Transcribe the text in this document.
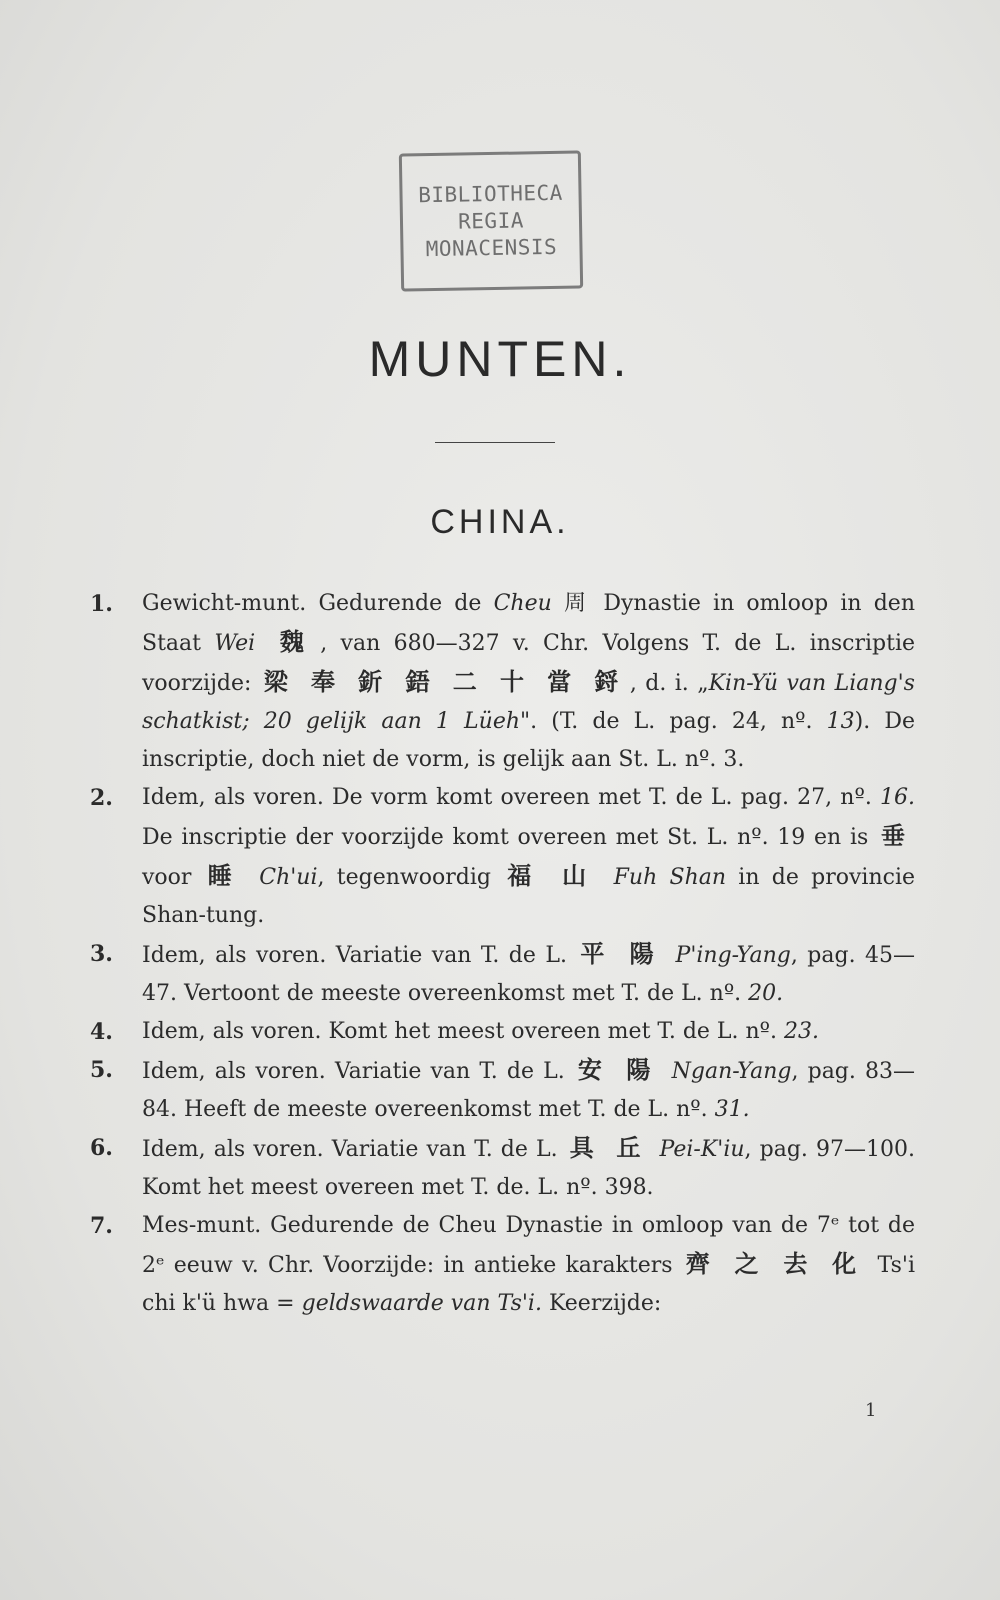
BIBLIOTHECA
REGIA
MONACENSIS
MUNTEN.
CHINA.
1.	Gewicht-munt. Gedurende de Cheu 周 Dynastie in omloop in den Staat Wei 魏 , van 680—327 v. Chr. Volgens T. de L. inscriptie voorzijde: 梁 奉 釿 鋙 二 十 當 鋝 , d. i. „Kin-Yü van Liang's schatkist; 20 gelijk aan 1 Lüeh". (T. de L. pag. 24, nº. 13). De inscriptie, doch niet de vorm, is gelijk aan St. L. nº. 3.
2.	Idem, als voren. De vorm komt overeen met T. de L. pag. 27, nº. 16. De inscriptie der voorzijde komt overeen met St. L. nº. 19 en is 垂 voor 睡 Ch'ui, tegenwoordig 福 山 Fuh Shan in de provincie Shan-tung.
3.	Idem, als voren. Variatie van T. de L. 平 陽 P'ing-Yang, pag. 45—47. Vertoont de meeste overeenkomst met T. de L. nº. 20.
4.	Idem, als voren. Komt het meest overeen met T. de L. nº. 23.
5.	Idem, als voren. Variatie van T. de L. 安 陽 Ngan-Yang, pag. 83—84. Heeft de meeste overeenkomst met T. de L. nº. 31.
6.	Idem, als voren. Variatie van T. de L. 具 丘 Pei-K'iu, pag. 97—100. Komt het meest overeen met T. de. L. nº. 398.
7.	Mes-munt. Gedurende de Cheu Dynastie in omloop van de 7ᵉ tot de 2ᵉ eeuw v. Chr. Voorzijde: in antieke karakters 齊 之 去 化 Ts'i chi k'ü hwa = geldswaarde van Ts'i. Keerzijde:
1
